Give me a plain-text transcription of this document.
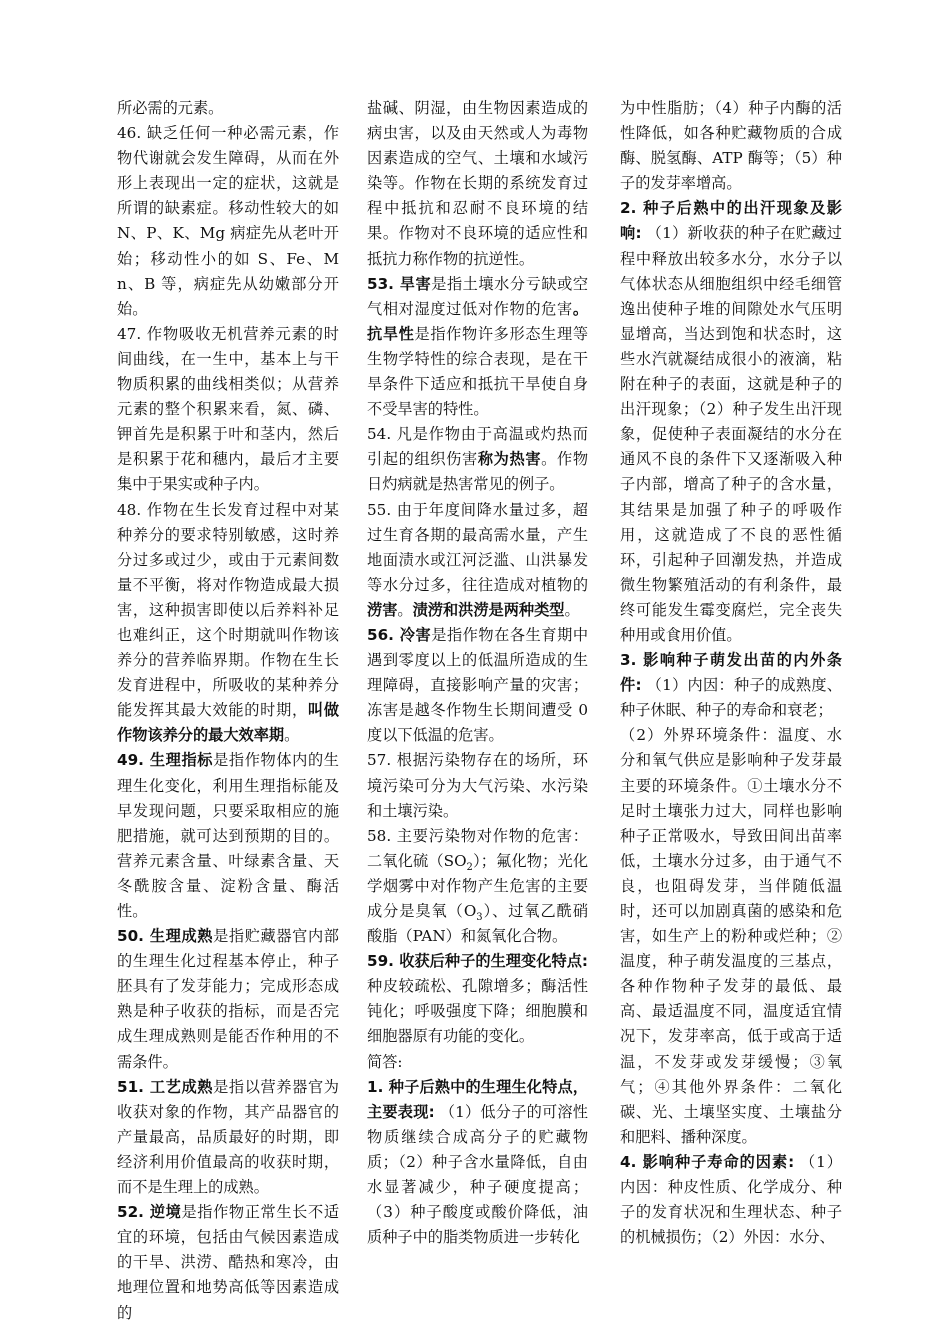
所必需的元素。

46. 缺乏任何一种必需元素，作物代谢就会发生障碍，从而在外形上表现出一定的症状，这就是所谓的缺素症。移动性较大的如N、P、K、Mg 病症先从老叶开始；移动性小的如 S、Fe、Mn、B 等，病症先从幼嫩部分开始。

47. 作物吸收无机营养元素的时间曲线，在一生中，基本上与干物质积累的曲线相类似；从营养元素的整个积累来看，氮、磷、钾首先是积累于叶和茎内，然后是积累于花和穗内，最后才主要集中于果实或种子内。

48. 作物在生长发育过程中对某种养分的要求特别敏感，这时养分过多或过少，或由于元素间数量不平衡，将对作物造成最大损害，这种损害即使以后养料补足也难纠正，这个时期就叫作物该养分的营养临界期。作物在生长发育进程中，所吸收的某种养分能发挥其最大效能的时期，叫做作物该养分的最大效率期。

49. 生理指标是指作物体内的生理生化变化，利用生理指标能及早发现问题，只要采取相应的施肥措施，就可达到预期的目的。营养元素含量、叶绿素含量、天冬酰胺含量、淀粉含量、酶活性。

50. 生理成熟是指贮藏器官内部的生理生化过程基本停止，种子胚具有了发芽能力；完成形态成熟是种子收获的指标，而是否完成生理成熟则是能否作种用的不需条件。

51. 工艺成熟是指以营养器官为收获对象的作物，其产品器官的产量最高，品质最好的时期，即经济利用价值最高的收获时期，而不是生理上的成熟。

52. 逆境是指作物正常生长不适宜的环境，包括由气候因素造成的干旱、洪涝、酷热和寒冷，由地理位置和地势高低等因素造成的

盐碱、阴湿，由生物因素造成的病虫害，以及由天然或人为毒物因素造成的空气、土壤和水域污染等。作物在长期的系统发育过程中抵抗和忍耐不良环境的结果。作物对不良环境的适应性和抵抗力称作物的抗逆性。

53. 旱害是指土壤水分亏缺或空气相对湿度过低对作物的危害。抗旱性是指作物许多形态生理等生物学特性的综合表现，是在干旱条件下适应和抵抗干旱使自身不受旱害的特性。

54. 凡是作物由于高温或灼热而引起的组织伤害称为热害。作物日灼病就是热害常见的例子。

55. 由于年度间降水量过多，超过生育各期的最高需水量，产生地面渍水或江河泛滥、山洪暴发等水分过多，往往造成对植物的涝害。渍涝和洪涝是两种类型。

56. 冷害是指作物在各生育期中遇到零度以上的低温所造成的生理障碍，直接影响产量的灾害；冻害是越冬作物生长期间遭受 0 度以下低温的危害。

57. 根据污染物存在的场所，环境污染可分为大气污染、水污染和土壤污染。

58. 主要污染物对作物的危害：二氧化硫$(SO_2)$；氟化物；光化学烟雾中对作物产生危害的主要成分是臭氧$(O_3)$、过氧乙酰硝酸脂（PAN）和氮氧化合物。

59. 收获后种子的生理变化特点: 种皮较疏松、孔隙增多；酶活性钝化；呼吸强度下降；细胞膜和细胞器原有功能的变化。

简答:

1. 种子后熟中的生理生化特点，主要表现: （1）低分子的可溶性物质继续合成高分子的贮藏物质；（2）种子含水量降低，自由水显著减少，种子硬度提高；（3）种子酸度或酸价降低，油质种子中的脂类物质进一步转化

为中性脂肪；（4）种子内酶的活性降低，如各种贮藏物质的合成酶、脱氢酶、ATP 酶等；（5）种子的发芽率增高。

2. 种子后熟中的出汗现象及影响: （1）新收获的种子在贮藏过程中释放出较多水分，水分子以气体状态从细胞组织中经毛细管逸出使种子堆的间隙处水气压明显增高，当达到饱和状态时，这些水汽就凝结成很小的液滴，粘附在种子的表面，这就是种子的出汗现象；（2）种子发生出汗现象，促使种子表面凝结的水分在通风不良的条件下又逐渐吸入种子内部，增高了种子的含水量，其结果是加强了种子的呼吸作用，这就造成了不良的恶性循环，引起种子回潮发热，并造成微生物繁殖活动的有利条件，最终可能发生霉变腐烂，完全丧失种用或食用价值。

3. 影响种子萌发出苗的内外条件: （1）内因：种子的成熟度、种子休眠、种子的寿命和衰老；

（2）外界环境条件：温度、水分和氧气供应是影响种子发芽最主要的环境条件。①土壤水分不足时土壤张力过大，同样也影响种子正常吸水，导致田间出苗率低，土壤水分过多，由于通气不良，也阻碍发芽，当伴随低温时，还可以加剧真菌的感染和危害，如生产上的粉种或烂种；②温度，种子萌发温度的三基点，各种作物种子发芽的最低、最高、最适温度不同，温度适宜情况下，发芽率高，低于或高于适温，不发芽或发芽缓慢；③氧气；④其他外界条件：二氧化碳、光、土壤坚实度、土壤盐分和肥料、播种深度。

4. 影响种子寿命的因素: （1）内因：种皮性质、化学成分、种子的发育状况和生理状态、种子的机械损伤；（2）外因：水分、
